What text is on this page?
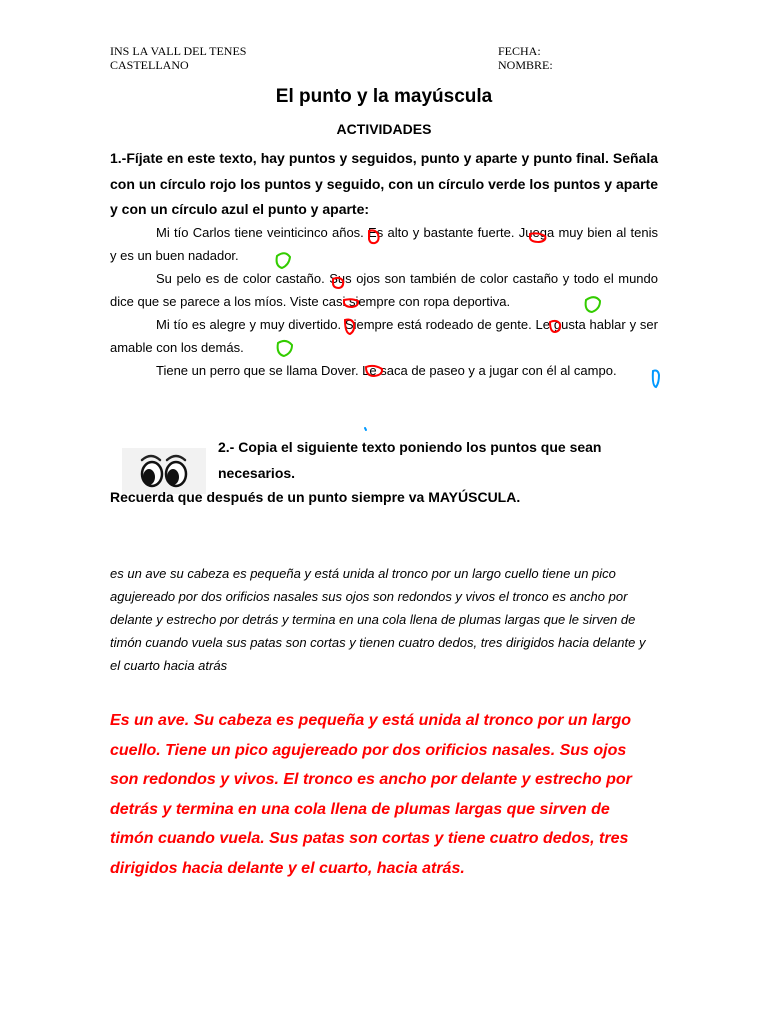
INS LA VALL DEL TENES
CASTELLANO
FECHA:
NOMBRE:
El punto y la mayúscula
ACTIVIDADES
1.-Fíjate en este texto, hay puntos y seguidos, punto y aparte y punto final. Señala con un círculo rojo los puntos y seguido, con un círculo verde los puntos y aparte y con un círculo azul el punto y aparte:

Mi tío Carlos tiene veinticinco años. Es alto y bastante fuerte. Juega muy bien al tenis y es un buen nadador.

Su pelo es de color castaño. Sus ojos son también de color castaño y todo el mundo dice que se parece a los míos. Viste casi siempre con ropa deportiva.

Mi tío es alegre y muy divertido. Siempre está rodeado de gente. Le gusta hablar y ser amable con los demás.

Tiene un perro que se llama Dover. Le saca de paseo y a jugar con él al campo.

2.- Copia el siguiente texto poniendo los puntos que sean
necesarios.
Recuerda que después de un punto siempre va MAYÚSCULA.
es un ave su cabeza es pequeña y está unida al tronco por un largo cuello tiene un pico agujereado por dos orificios nasales sus ojos son redondos y vivos el tronco es ancho por delante y estrecho por detrás y termina en una cola llena de plumas largas que le sirven de timón cuando vuela sus patas son cortas y tienen cuatro dedos, tres dirigidos hacia delante y el cuarto hacia atrás
Es un ave. Su cabeza es pequeña y está unida al tronco por un largo cuello. Tiene un pico agujereado por dos orificios nasales. Sus ojos son redondos y vivos. El tronco es ancho por delante y estrecho por detrás y termina en una cola llena de plumas largas que sirven de timón cuando vuela. Sus patas son cortas y tiene cuatro dedos, tres dirigidos hacia delante y el cuarto, hacia atrás.
